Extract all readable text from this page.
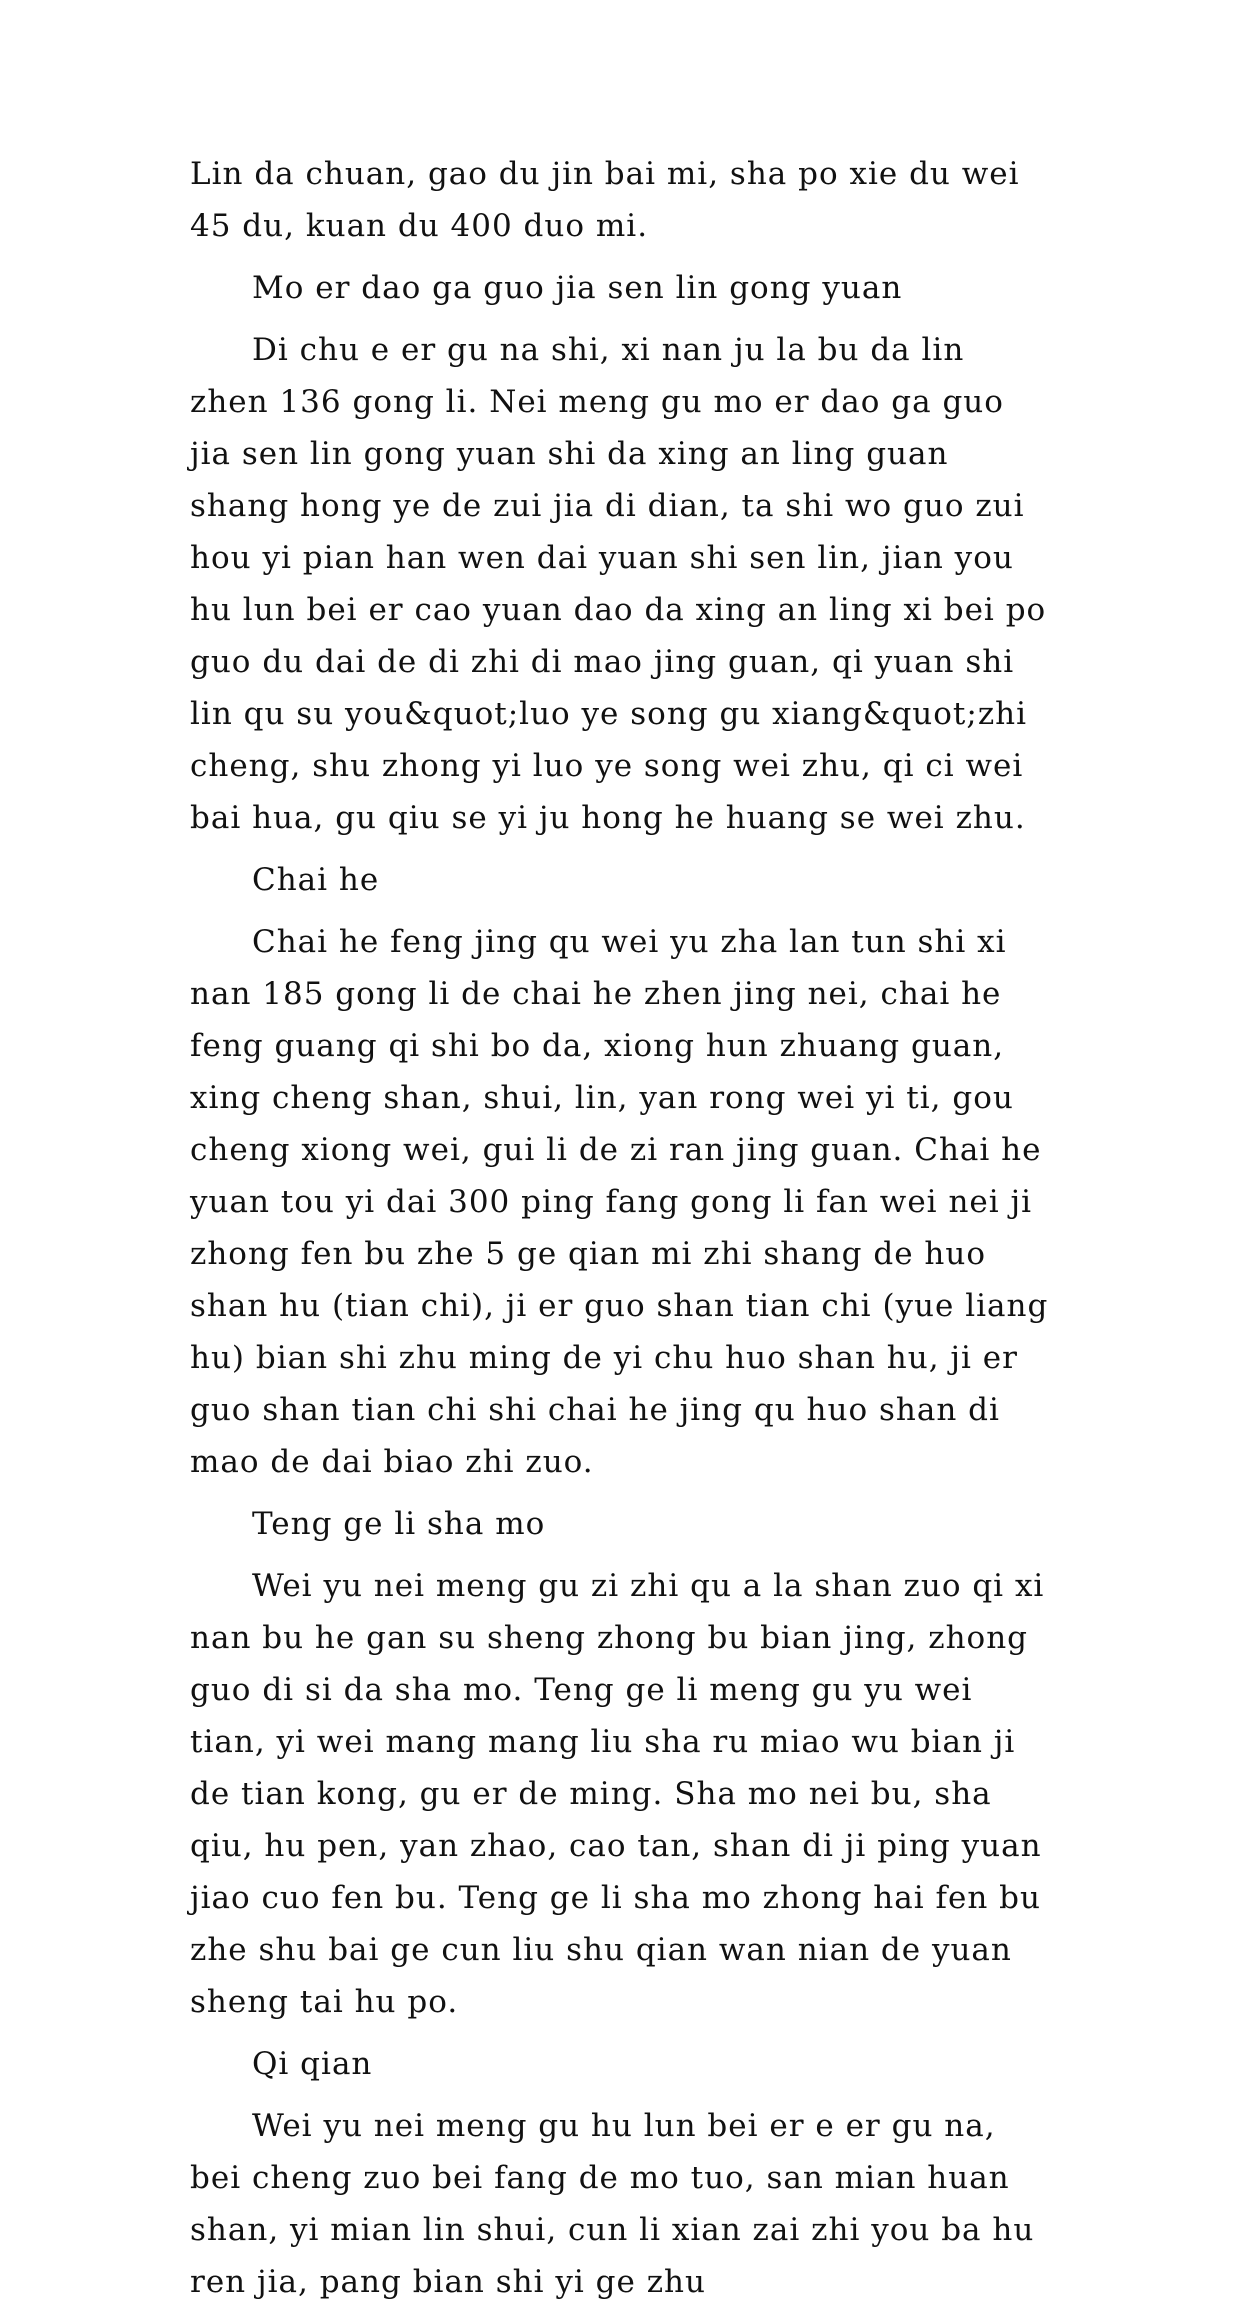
Lin da chuan, gao du jin bai mi, sha po xie du wei 45 du, kuan du 400 duo mi.

Mo er dao ga guo jia sen lin gong yuan

Di chu e er gu na shi, xi nan ju la bu da lin zhen 136 gong li. Nei meng gu mo er dao ga guo jia sen lin gong yuan shi da xing an ling guan shang hong ye de zui jia di dian, ta shi wo guo zui hou yi pian han wen dai yuan shi sen lin, jian you hu lun bei er cao yuan dao da xing an ling xi bei po guo du dai de di zhi di mao jing guan, qi yuan shi lin qu su you&quot;luo ye song gu xiang&quot;zhi cheng, shu zhong yi luo ye song wei zhu, qi ci wei bai hua, gu qiu se yi ju hong he huang se wei zhu.

Chai he

Chai he feng jing qu wei yu zha lan tun shi xi nan 185 gong li de chai he zhen jing nei, chai he feng guang qi shi bo da, xiong hun zhuang guan, xing cheng shan, shui, lin, yan rong wei yi ti, gou cheng xiong wei, gui li de zi ran jing guan. Chai he yuan tou yi dai 300 ping fang gong li fan wei nei ji zhong fen bu zhe 5 ge qian mi zhi shang de huo shan hu (tian chi), ji er guo shan tian chi (yue liang hu) bian shi zhu ming de yi chu huo shan hu, ji er guo shan tian chi shi chai he jing qu huo shan di mao de dai biao zhi zuo.

Teng ge li sha mo

Wei yu nei meng gu zi zhi qu a la shan zuo qi xi nan bu he gan su sheng zhong bu bian jing, zhong guo di si da sha mo. Teng ge li meng gu yu wei tian, yi wei mang mang liu sha ru miao wu bian ji de tian kong, gu er de ming. Sha mo nei bu, sha qiu, hu pen, yan zhao, cao tan, shan di ji ping yuan jiao cuo fen bu. Teng ge li sha mo zhong hai fen bu zhe shu bai ge cun liu shu qian wan nian de yuan sheng tai hu po.

Qi qian

Wei yu nei meng gu hu lun bei er e er gu na, bei cheng zuo bei fang de mo tuo, san mian huan shan, yi mian lin shui, cun li xian zai zhi you ba hu ren jia, pang bian shi yi ge zhu
